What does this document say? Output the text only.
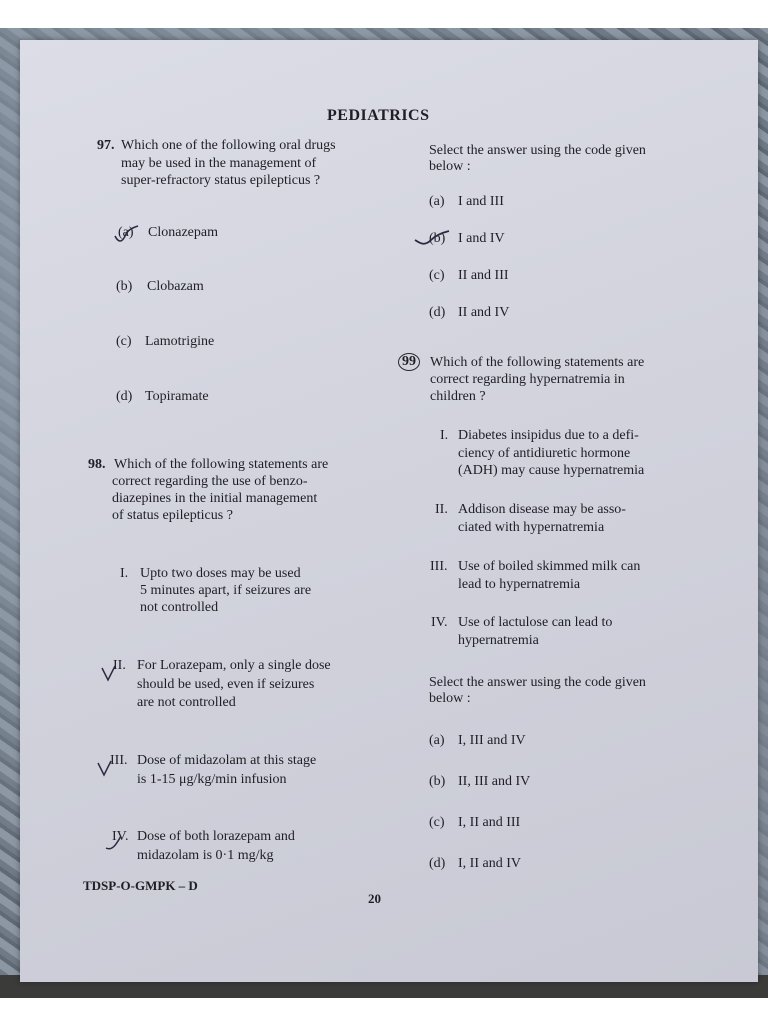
PEDIATRICS
97. Which one of the following oral drugs
may be used in the management of
super-refractory status epilepticus ?
(a) Clonazepam
(b) Clobazam
(c) Lamotrigine
(d) Topiramate
98. Which of the following statements are
correct regarding the use of benzo-
diazepines in the initial management
of status epilepticus ?
I. Upto two doses may be used
5 minutes apart, if seizures are
not controlled
II. For Lorazepam, only a single dose
should be used, even if seizures
are not controlled
III. Dose of midazolam at this stage
is 1-15 μg/kg/min infusion
IV. Dose of both lorazepam and
midazolam is 0·1 mg/kg
Select the answer using the code given
below :
(a) I and III
(b) I and IV
(c) II and III
(d) II and IV
99 Which of the following statements are
correct regarding hypernatremia in
children ?
I. Diabetes insipidus due to a defi-
ciency of antidiuretic hormone
(ADH) may cause hypernatremia
II. Addison disease may be asso-
ciated with hypernatremia
III. Use of boiled skimmed milk can
lead to hypernatremia
IV. Use of lactulose can lead to
hypernatremia
Select the answer using the code given
below :
(a) I, III and IV
(b) II, III and IV
(c) I, II and III
(d) I, II and IV
TDSP-O-GMPK – D
20
